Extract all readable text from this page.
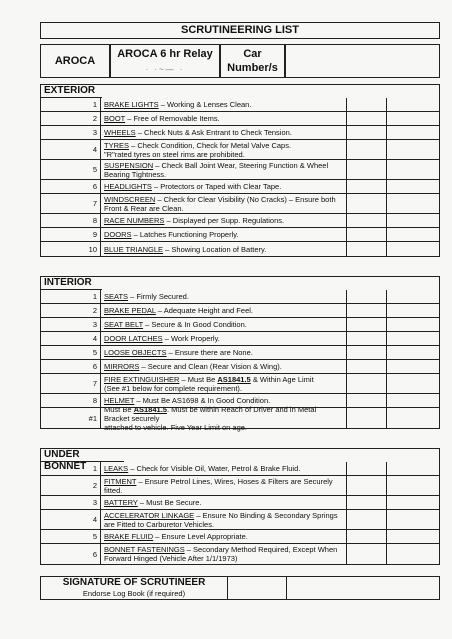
SCRUTINEERING LIST
AROCA
AROCA 6 hr Relay
· ·~— ·
Car
Number/s
EXTERIOR
1 BRAKE LIGHTS – Working & Lenses Clean.
2 BOOT – Free of Removable Items.
3 WHEELS – Check Nuts & Ask Entrant to Check Tension.
4 TYRES – Check Condition, Check for Metal Valve Caps.
"R"rated tyres on steel rims are prohibited.
5 SUSPENSION – Check Ball Joint Wear, Steering Function & Wheel
Bearing Tightness.
6 HEADLIGHTS – Protectors or Taped with Clear Tape.
7 WINDSCREEN – Check for Clear Visibility (No Cracks) – Ensure both
Front & Rear are Clean.
8 RACE NUMBERS – Displayed per Supp. Regulations.
9 DOORS – Latches Functioning Properly.
10 BLUE TRIANGLE – Showing Location of Battery.
INTERIOR
1 SEATS – Firmly Secured.
2 BRAKE PEDAL – Adequate Height and Feel.
3 SEAT BELT – Secure & In Good Condition.
4 DOOR LATCHES – Work Properly.
5 LOOSE OBJECTS – Ensure there are None.
6 MIRRORS – Secure and Clean (Rear Vision & Wing).
7 FIRE EXTINGUISHER – Must Be AS1841.5 & Within Age Limit
(See #1 below for complete requirement).
8 HELMET – Must Be AS1698 & In Good Condition.
#1
Must Be AS1841.5. Must be within Reach of Driver and in Metal Bracket securely
attached to vehicle. Five Year Limit on age.
UNDER BONNET 1 LEAKS – Check for Visible Oil, Water, Petrol & Brake Fluid.
2 FITMENT – Ensure Petrol Lines, Wires, Hoses & Filters are Securely
fitted.
3 BATTERY – Must Be Secure.
4 ACCELERATOR LINKAGE – Ensure No Binding & Secondary Springs
are Fitted to Carburetor Vehicles.
5 BRAKE FLUID – Ensure Level Appropriate.
6 BONNET FASTENINGS – Secondary Method Required, Except When
Forward Hinged (Vehicle After 1/1/1973)
SIGNATURE OF SCRUTINEER
Endorse Log Book (if required)
